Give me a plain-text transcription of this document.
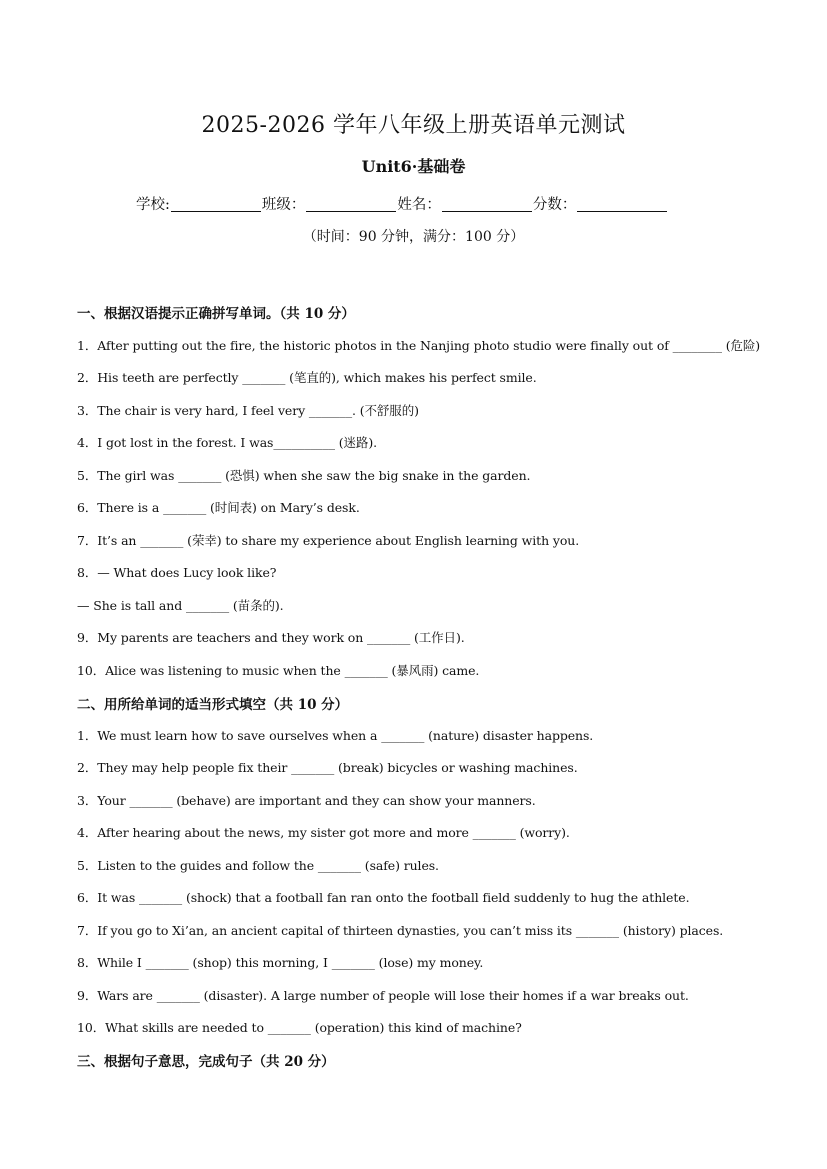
2025-2026 学年八年级上册英语单元测试
Unit6·基础卷
学校:	班级：	姓名：	分数：
（时间：90 分钟，满分：100 分）
一、根据汉语提示正确拼写单词。（共 10 分）
1．After putting out the fire, the historic photos in the Nanjing photo studio were finally out of ________ (危险)
2．His teeth are perfectly _______ (笔直的), which makes his perfect smile.
3．The chair is very hard, I feel very _______. (不舒服的)
4．I got lost in the forest. I was__________ (迷路).
5．The girl was _______ (恐惧) when she saw the big snake in the garden.
6．There is a _______ (时间表) on Mary’s desk.
7．It’s an _______ (荣幸) to share my experience about English learning with you.
8．— What does Lucy look like?
— She is tall and _______ (苗条的).
9．My parents are teachers and they work on _______ (工作日).
10．Alice was listening to music when the _______ (暴风雨) came.
二、用所给单词的适当形式填空（共 10 分）
1．We must learn how to save ourselves when a _______ (nature) disaster happens.
2．They may help people fix their _______ (break) bicycles or washing machines.
3．Your _______ (behave) are important and they can show your manners.
4．After hearing about the news, my sister got more and more _______ (worry).
5．Listen to the guides and follow the _______ (safe) rules.
6．It was _______ (shock) that a football fan ran onto the football field suddenly to hug the athlete.
7．If you go to Xi’an, an ancient capital of thirteen dynasties, you can’t miss its _______ (history) places.
8．While I _______ (shop) this morning, I _______ (lose) my money.
9．Wars are _______ (disaster). A large number of people will lose their homes if a war breaks out.
10．What skills are needed to _______ (operation) this kind of machine?
三、根据句子意思，完成句子（共 20 分）
